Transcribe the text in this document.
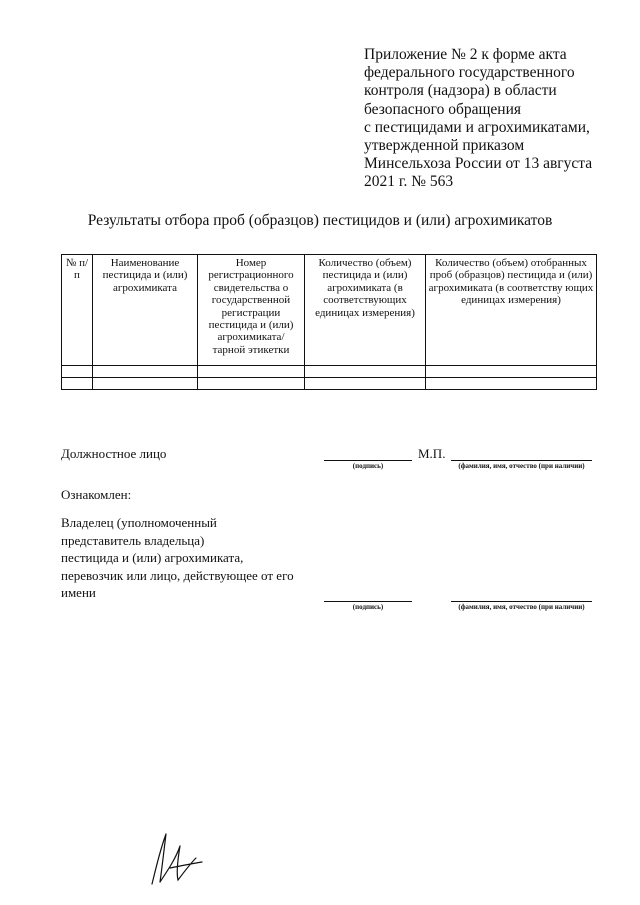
Приложение № 2 к форме акта
федерального государственного
контроля (надзора) в области
безопасного обращения
с пестицидами и агрохимикатами,
утвержденной приказом
Минсельхоза России от 13 августа
2021 г. № 563
Результаты отбора проб (образцов) пестицидов и (или) агрохимикатов
№ п/п	Наименование пестицида и (или) агрохимиката	Номер регистрационного свидетельства о государственной регистрации пестицида и (или) агрохимиката/ тарной этикетки	Количество (объем) пестицида и (или) агрохимиката (в соответствующих единицах измерения)	Количество (объем) отобранных проб (образцов) пестицида и (или) агрохимиката (в соответству ющих единицах измерения)

Должностное лицо
(подпись)
М.П.
(фамилия, имя, отчество (при наличии)
Ознакомлен:
Владелец (уполномоченный
представитель владельца)
пестицида и (или) агрохимиката,
перевозчик или лицо, действующее от его
имени
(подпись)	(фамилия, имя, отчество (при наличии)
